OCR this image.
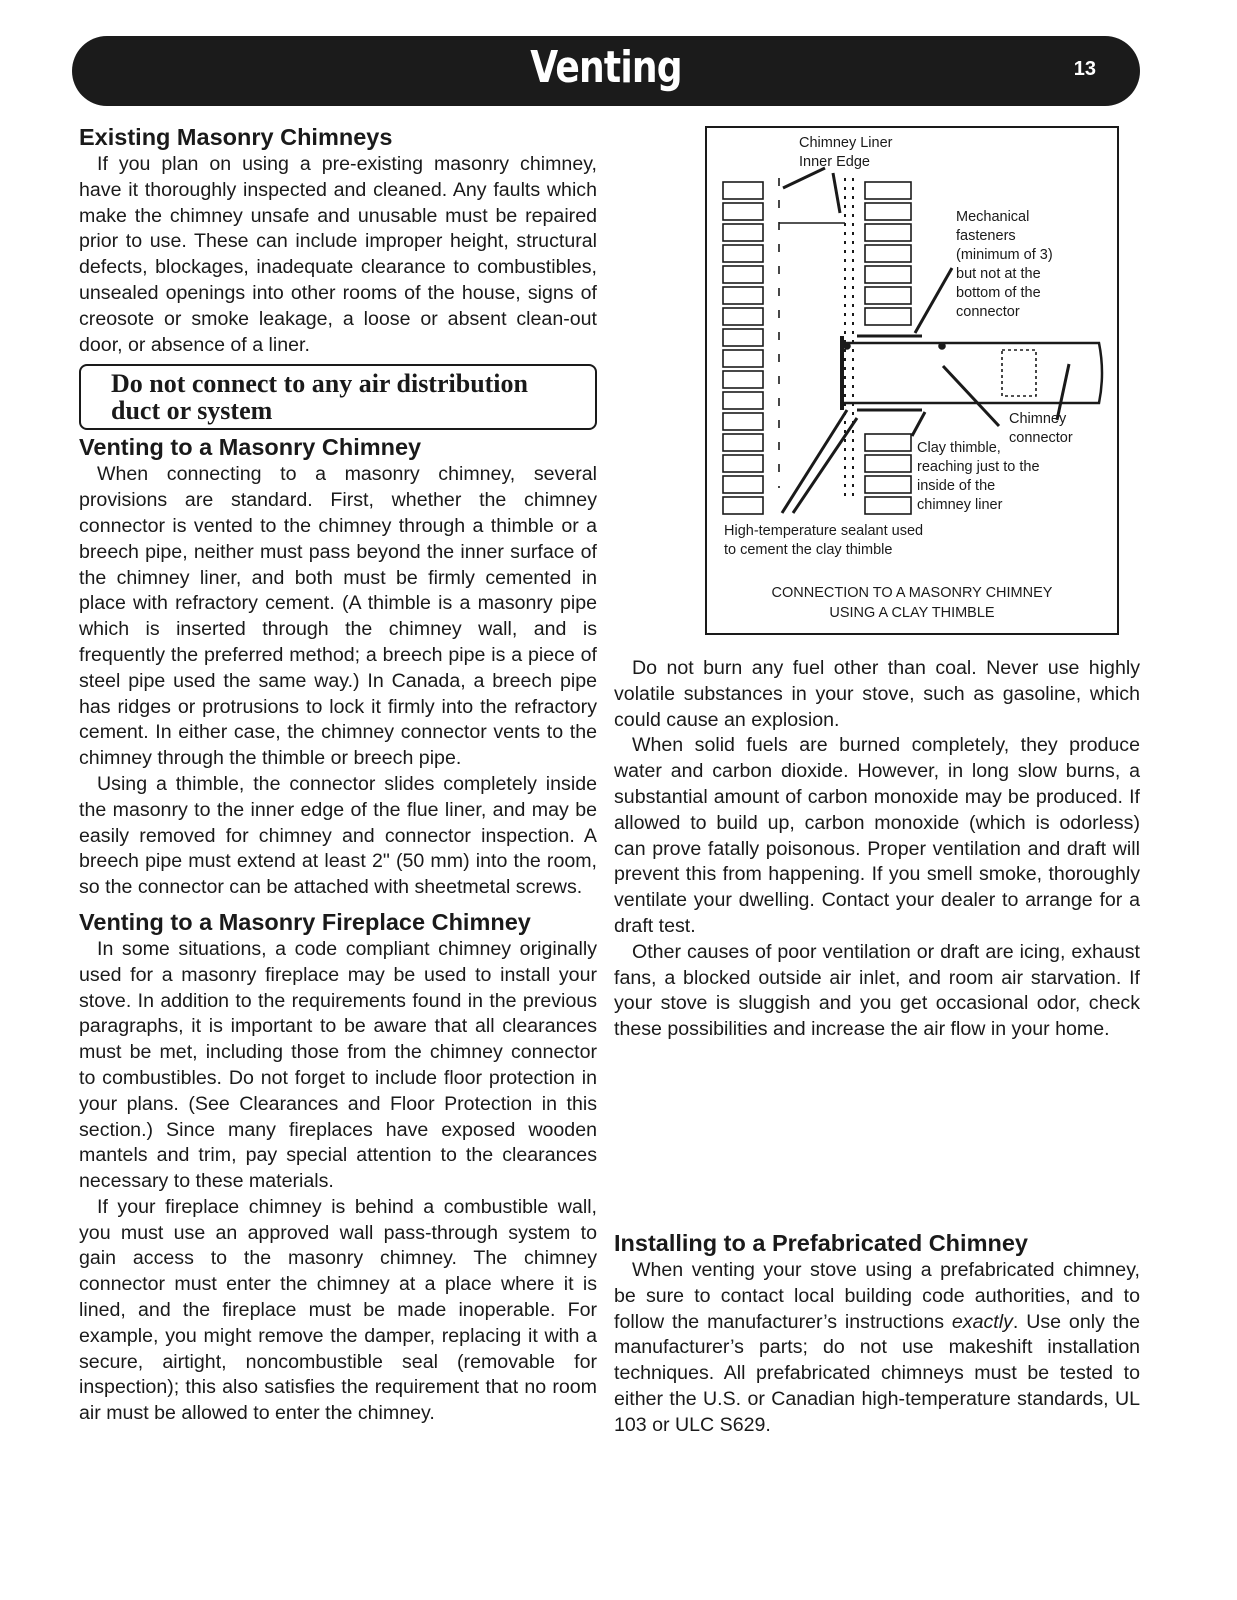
Venting	13
Existing Masonry Chimneys

If you plan on using a pre-existing masonry chimney, have it thoroughly inspected and cleaned. Any faults which make the chimney unsafe and unusable must be repaired prior to use. These can include improper height, structural defects, blockages, inadequate clearance to combustibles, unsealed openings into other rooms of the house, signs of creosote or smoke leakage, a loose or absent clean-out door, or absence of a liner.

Do not connect to any air distribution duct or system
Venting to a Masonry Chimney

When connecting to a masonry chimney, several provisions are standard. First, whether the chimney connector is vented to the chimney through a thimble or a breech pipe, neither must pass beyond the inner surface of the chimney liner, and both must be firmly cemented in place with refractory cement. (A thimble is a masonry pipe which is inserted through the chimney wall, and is frequently the preferred method; a breech pipe is a piece of steel pipe used the same way.) In Canada, a breech pipe has ridges or protrusions to lock it firmly into the refractory cement. In either case, the chimney connector vents to the chimney through the thimble or breech pipe.

Using a thimble, the connector slides completely inside the masonry to the inner edge of the flue liner, and may be easily removed for chimney and connector inspection. A breech pipe must extend at least 2" (50 mm) into the room, so the connector can be attached with sheetmetal screws.

Venting to a Masonry Fireplace Chimney

In some situations, a code compliant chimney originally used for a masonry fireplace may be used to install your stove. In addition to the requirements found in the previous paragraphs, it is important to be aware that all clearances must be met, including those from the chimney connector to combustibles. Do not forget to include floor protection in your plans. (See Clearances and Floor Protection in this section.) Since many fireplaces have exposed wooden mantels and trim, pay special attention to the clearances necessary to these materials.

If your fireplace chimney is behind a combustible wall, you must use an approved wall pass-through system to gain access to the masonry chimney. The chimney connector must enter the chimney at a place where it is lined, and the fireplace must be made inoperable. For example, you might remove the damper, replacing it with a secure, airtight, noncombustible seal (removable for inspection); this also satisfies the requirement that no room air must be allowed to enter the chimney.

Chimney Liner
Inner Edge
Mechanical
fasteners
(minimum of 3)
but not at the
bottom of the
connector
Chimney
connector
Clay thimble,
reaching just to the
inside of the
chimney liner
High-temperature sealant used
to cement the clay thimble
CONNECTION TO A MASONRY CHIMNEY
USING A CLAY THIMBLE

Do not burn any fuel other than coal. Never use highly volatile substances in your stove, such as gasoline, which could cause an explosion.

When solid fuels are burned completely, they produce water and carbon dioxide. However, in long slow burns, a substantial amount of carbon monoxide may be produced. If allowed to build up, carbon monoxide (which is odorless) can prove fatally poisonous. Proper ventilation and draft will prevent this from happening. If you smell smoke, thoroughly ventilate your dwelling. Contact your dealer to arrange for a draft test.

Other causes of poor ventilation or draft are icing, exhaust fans, a blocked outside air inlet, and room air starvation. If your stove is sluggish and you get occasional odor, check these possibilities and increase the air flow in your home.

Installing to a Prefabricated Chimney

When venting your stove using a prefabricated chimney, be sure to contact local building code authorities, and to follow the manufacturer’s instructions exactly. Use only the manufacturer’s parts; do not use makeshift installation techniques. All prefabricated chimneys must be tested to either the U.S. or Canadian high-temperature standards, UL 103 or ULC S629.
